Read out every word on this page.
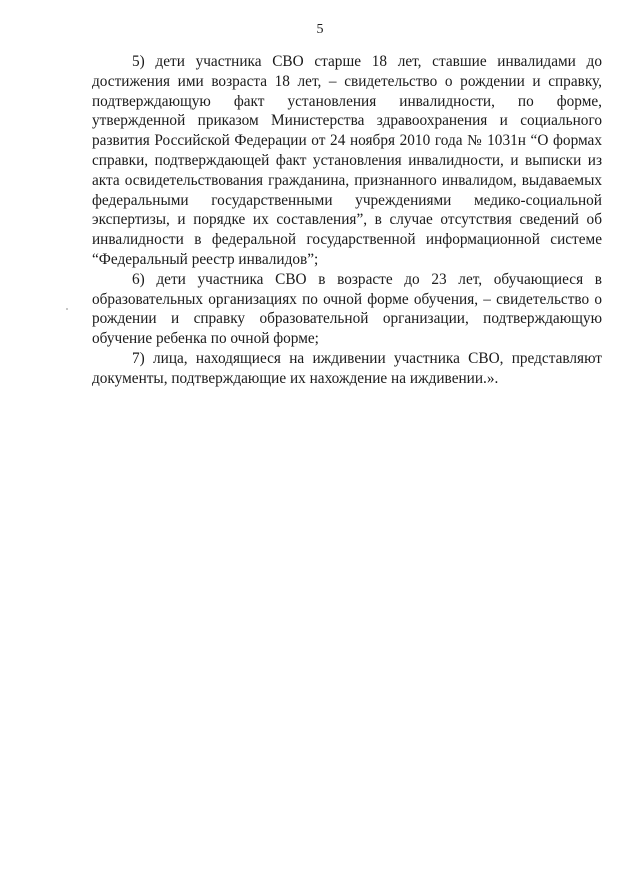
5

5) дети участника СВО старше 18 лет, ставшие инвалидами до достижения ими возраста 18 лет, – свидетельство о рождении и справку, подтверждающую факт установления инвалидности, по форме, утвержденной приказом Министерства здравоохранения и социального развития Российской Федерации от 24 ноября 2010 года № 1031н “О формах справки, подтверждающей факт установления инвалидности, и выписки из акта освидетельствования гражданина, признанного инвалидом, выдаваемых федеральными государственными учреждениями медико-социальной экспертизы, и порядке их составления”, в случае отсутствия сведений об инвалидности в федеральной государственной информационной системе “Федеральный реестр инвалидов”;

6) дети участника СВО в возрасте до 23 лет, обучающиеся в образовательных организациях по очной форме обучения, – свидетельство о рождении и справку образовательной организации, подтверждающую обучение ребенка по очной форме;

7) лица, находящиеся на иждивении участника СВО, представляют документы, подтверждающие их нахождение на иждивении.».
